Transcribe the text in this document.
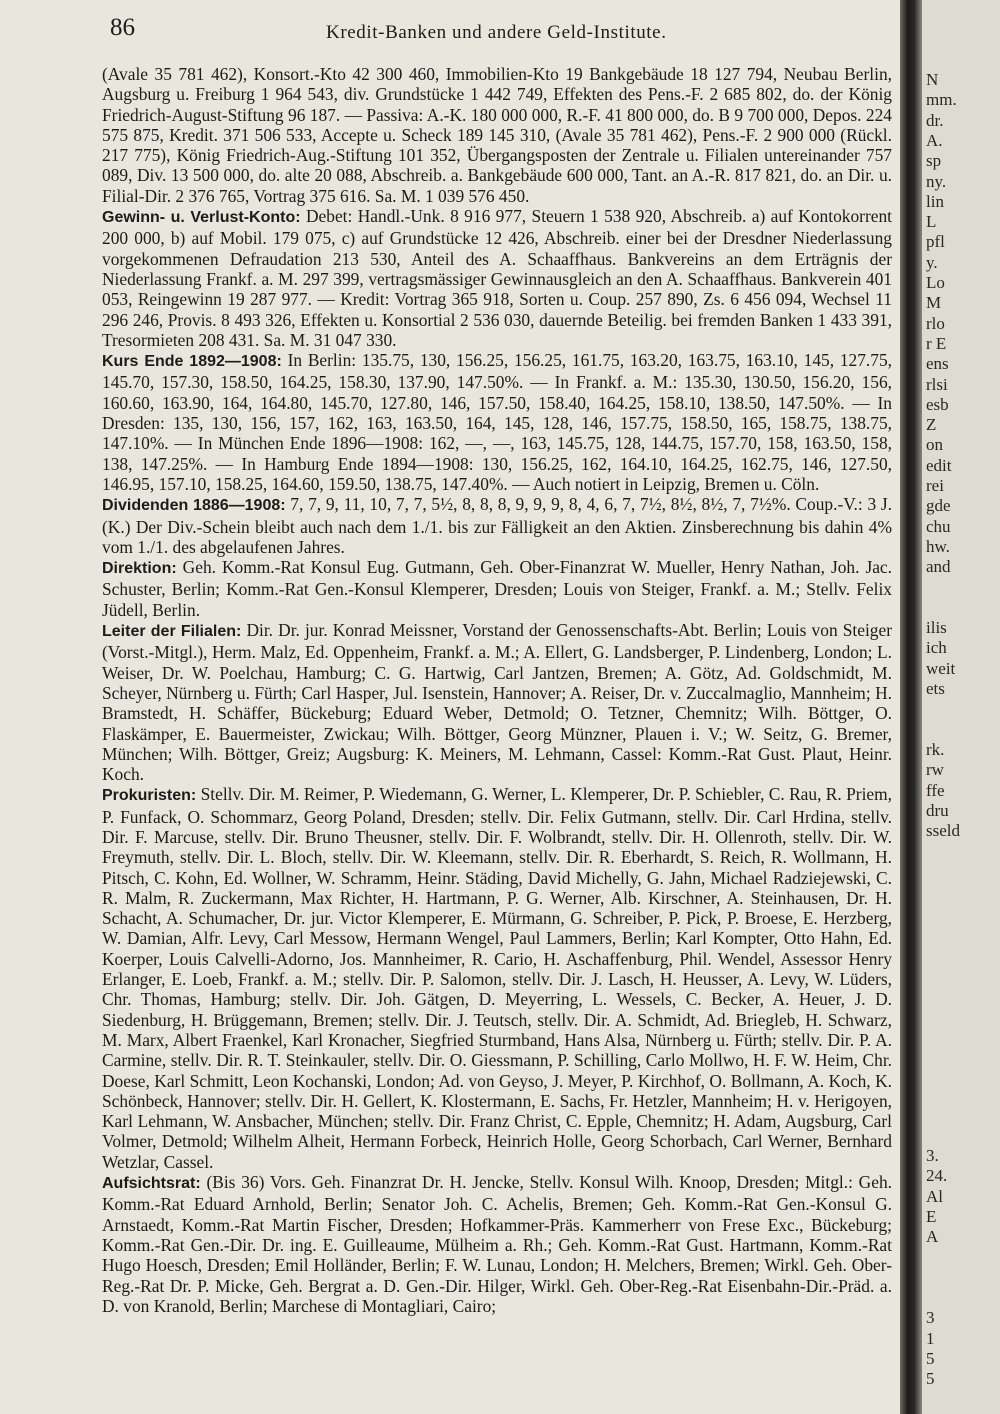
86	Kredit-Banken und andere Geld-Institute.

(Avale 35 781 462), Konsort.-Kto 42 300 460, Immobilien-Kto 19 Bankgebäude 18 127 794, Neubau Berlin, Augsburg u. Freiburg 1 964 543, div. Grundstücke 1 442 749, Effekten des Pens.-F. 2 685 802, do. der König Friedrich-August-Stiftung 96 187. — Passiva: A.-K. 180 000 000, R.-F. 41 800 000, do. B 9 700 000, Depos. 224 575 875, Kredit. 371 506 533, Accepte u. Scheck 189 145 310, (Avale 35 781 462), Pens.-F. 2 900 000 (Rückl. 217 775), König Friedrich-Aug.-Stiftung 101 352, Übergangsposten der Zentrale u. Filialen untereinander 757 089, Div. 13 500 000, do. alte 20 088, Abschreib. a. Bankgebäude 600 000, Tant. an A.-R. 817 821, do. an Dir. u. Filial-Dir. 2 376 765, Vortrag 375 616. Sa. M. 1 039 576 450.

Gewinn- u. Verlust-Konto: Debet: Handl.-Unk. 8 916 977, Steuern 1 538 920, Abschreib. a) auf Kontokorrent 200 000, b) auf Mobil. 179 075, c) auf Grundstücke 12 426, Abschreib. einer bei der Dresdner Niederlassung vorgekommenen Defraudation 213 530, Anteil des A. Schaaffhaus. Bankvereins an dem Erträgnis der Niederlassung Frankf. a. M. 297 399, vertragsmässiger Gewinnausgleich an den A. Schaaffhaus. Bankverein 401 053, Reingewinn 19 287 977. — Kredit: Vortrag 365 918, Sorten u. Coup. 257 890, Zs. 6 456 094, Wechsel 11 296 246, Provis. 8 493 326, Effekten u. Konsortial 2 536 030, dauernde Beteilig. bei fremden Banken 1 433 391, Tresormieten 208 431. Sa. M. 31 047 330.

Kurs Ende 1892—1908: In Berlin: 135.75, 130, 156.25, 156.25, 161.75, 163.20, 163.75, 163.10, 145, 127.75, 145.70, 157.30, 158.50, 164.25, 158.30, 137.90, 147.50%. — In Frankf. a. M.: 135.30, 130.50, 156.20, 156, 160.60, 163.90, 164, 164.80, 145.70, 127.80, 146, 157.50, 158.40, 164.25, 158.10, 138.50, 147.50%. — In Dresden: 135, 130, 156, 157, 162, 163, 163.50, 164, 145, 128, 146, 157.75, 158.50, 165, 158.75, 138.75, 147.10%. — In München Ende 1896—1908: 162, —, —, 163, 145.75, 128, 144.75, 157.70, 158, 163.50, 158, 138, 147.25%. — In Hamburg Ende 1894—1908: 130, 156.25, 162, 164.10, 164.25, 162.75, 146, 127.50, 146.95, 157.10, 158.25, 164.60, 159.50, 138.75, 147.40%. — Auch notiert in Leipzig, Bremen u. Cöln.

Dividenden 1886—1908: 7, 7, 9, 11, 10, 7, 7, 5½, 8, 8, 8, 9, 9, 9, 8, 4, 6, 7, 7½, 8½, 8½, 7, 7½%. Coup.-V.: 3 J. (K.) Der Div.-Schein bleibt auch nach dem 1./1. bis zur Fälligkeit an den Aktien. Zinsberechnung bis dahin 4% vom 1./1. des abgelaufenen Jahres.

Direktion: Geh. Komm.-Rat Konsul Eug. Gutmann, Geh. Ober-Finanzrat W. Mueller, Henry Nathan, Joh. Jac. Schuster, Berlin; Komm.-Rat Gen.-Konsul Klemperer, Dresden; Louis von Steiger, Frankf. a. M.; Stellv. Felix Jüdell, Berlin.

Leiter der Filialen: Dir. Dr. jur. Konrad Meissner, Vorstand der Genossenschafts-Abt. Berlin; Louis von Steiger (Vorst.-Mitgl.), Herm. Malz, Ed. Oppenheim, Frankf. a. M.; A. Ellert, G. Landsberger, P. Lindenberg, London; L. Weiser, Dr. W. Poelchau, Hamburg; C. G. Hartwig, Carl Jantzen, Bremen; A. Götz, Ad. Goldschmidt, M. Scheyer, Nürnberg u. Fürth; Carl Hasper, Jul. Isenstein, Hannover; A. Reiser, Dr. v. Zuccalmaglio, Mannheim; H. Bramstedt, H. Schäffer, Bückeburg; Eduard Weber, Detmold; O. Tetzner, Chemnitz; Wilh. Böttger, O. Flaskämper, E. Bauermeister, Zwickau; Wilh. Böttger, Georg Münzner, Plauen i. V.; W. Seitz, G. Bremer, München; Wilh. Böttger, Greiz; Augsburg: K. Meiners, M. Lehmann, Cassel: Komm.-Rat Gust. Plaut, Heinr. Koch.

Prokuristen: Stellv. Dir. M. Reimer, P. Wiedemann, G. Werner, L. Klemperer, Dr. P. Schiebler, C. Rau, R. Priem, P. Funfack, O. Schommarz, Georg Poland, Dresden; stellv. Dir. Felix Gutmann, stellv. Dir. Carl Hrdina, stellv. Dir. F. Marcuse, stellv. Dir. Bruno Theusner, stellv. Dir. F. Wolbrandt, stellv. Dir. H. Ollenroth, stellv. Dir. W. Freymuth, stellv. Dir. L. Bloch, stellv. Dir. W. Kleemann, stellv. Dir. R. Eberhardt, S. Reich, R. Wollmann, H. Pitsch, C. Kohn, Ed. Wollner, W. Schramm, Heinr. Städing, David Michelly, G. Jahn, Michael Radziejewski, C. R. Malm, R. Zuckermann, Max Richter, H. Hartmann, P. G. Werner, Alb. Kirschner, A. Steinhausen, Dr. H. Schacht, A. Schumacher, Dr. jur. Victor Klemperer, E. Mürmann, G. Schreiber, P. Pick, P. Broese, E. Herzberg, W. Damian, Alfr. Levy, Carl Messow, Hermann Wengel, Paul Lammers, Berlin; Karl Kompter, Otto Hahn, Ed. Koerper, Louis Calvelli-Adorno, Jos. Mannheimer, R. Cario, H. Aschaffenburg, Phil. Wendel, Assessor Henry Erlanger, E. Loeb, Frankf. a. M.; stellv. Dir. P. Salomon, stellv. Dir. J. Lasch, H. Heusser, A. Levy, W. Lüders, Chr. Thomas, Hamburg; stellv. Dir. Joh. Gätgen, D. Meyerring, L. Wessels, C. Becker, A. Heuer, J. D. Siedenburg, H. Brüggemann, Bremen; stellv. Dir. J. Teutsch, stellv. Dir. A. Schmidt, Ad. Briegleb, H. Schwarz, M. Marx, Albert Fraenkel, Karl Kronacher, Siegfried Sturmband, Hans Alsa, Nürnberg u. Fürth; stellv. Dir. P. A. Carmine, stellv. Dir. R. T. Steinkauler, stellv. Dir. O. Giessmann, P. Schilling, Carlo Mollwo, H. F. W. Heim, Chr. Doese, Karl Schmitt, Leon Kochanski, London; Ad. von Geyso, J. Meyer, P. Kirchhof, O. Bollmann, A. Koch, K. Schönbeck, Hannover; stellv. Dir. H. Gellert, K. Klostermann, E. Sachs, Fr. Hetzler, Mannheim; H. v. Herigoyen, Karl Lehmann, W. Ansbacher, München; stellv. Dir. Franz Christ, C. Epple, Chemnitz; H. Adam, Augsburg, Carl Volmer, Detmold; Wilhelm Alheit, Hermann Forbeck, Heinrich Holle, Georg Schorbach, Carl Werner, Bernhard Wetzlar, Cassel.

Aufsichtsrat: (Bis 36) Vors. Geh. Finanzrat Dr. H. Jencke, Stellv. Konsul Wilh. Knoop, Dresden; Mitgl.: Geh. Komm.-Rat Eduard Arnhold, Berlin; Senator Joh. C. Achelis, Bremen; Geh. Komm.-Rat Gen.-Konsul G. Arnstaedt, Komm.-Rat Martin Fischer, Dresden; Hofkammer-Präs. Kammerherr von Frese Exc., Bückeburg; Komm.-Rat Gen.-Dir. Dr. ing. E. Guilleaume, Mülheim a. Rh.; Geh. Komm.-Rat Gust. Hartmann, Komm.-Rat Hugo Hoesch, Dresden; Emil Holländer, Berlin; F. W. Lunau, London; H. Melchers, Bremen; Wirkl. Geh. Ober-Reg.-Rat Dr. P. Micke, Geh. Bergrat a. D. Gen.-Dir. Hilger, Wirkl. Geh. Ober-Reg.-Rat Eisenbahn-Dir.-Präd. a. D. von Kranold, Berlin; Marchese di Montagliari, Cairo;

N
mm.
dr.
A.
sp
ny.
lin
L
pfl
y.
Lo
M
rlo
r E
ens
rlsi
esb
Z
on
edit
rei
gde
chu
hw.
and
ilis
ich
weit
ets
rk.
rw
ffe
dru
sseld
3.
24.
Al
E
A
3
1
5
5
